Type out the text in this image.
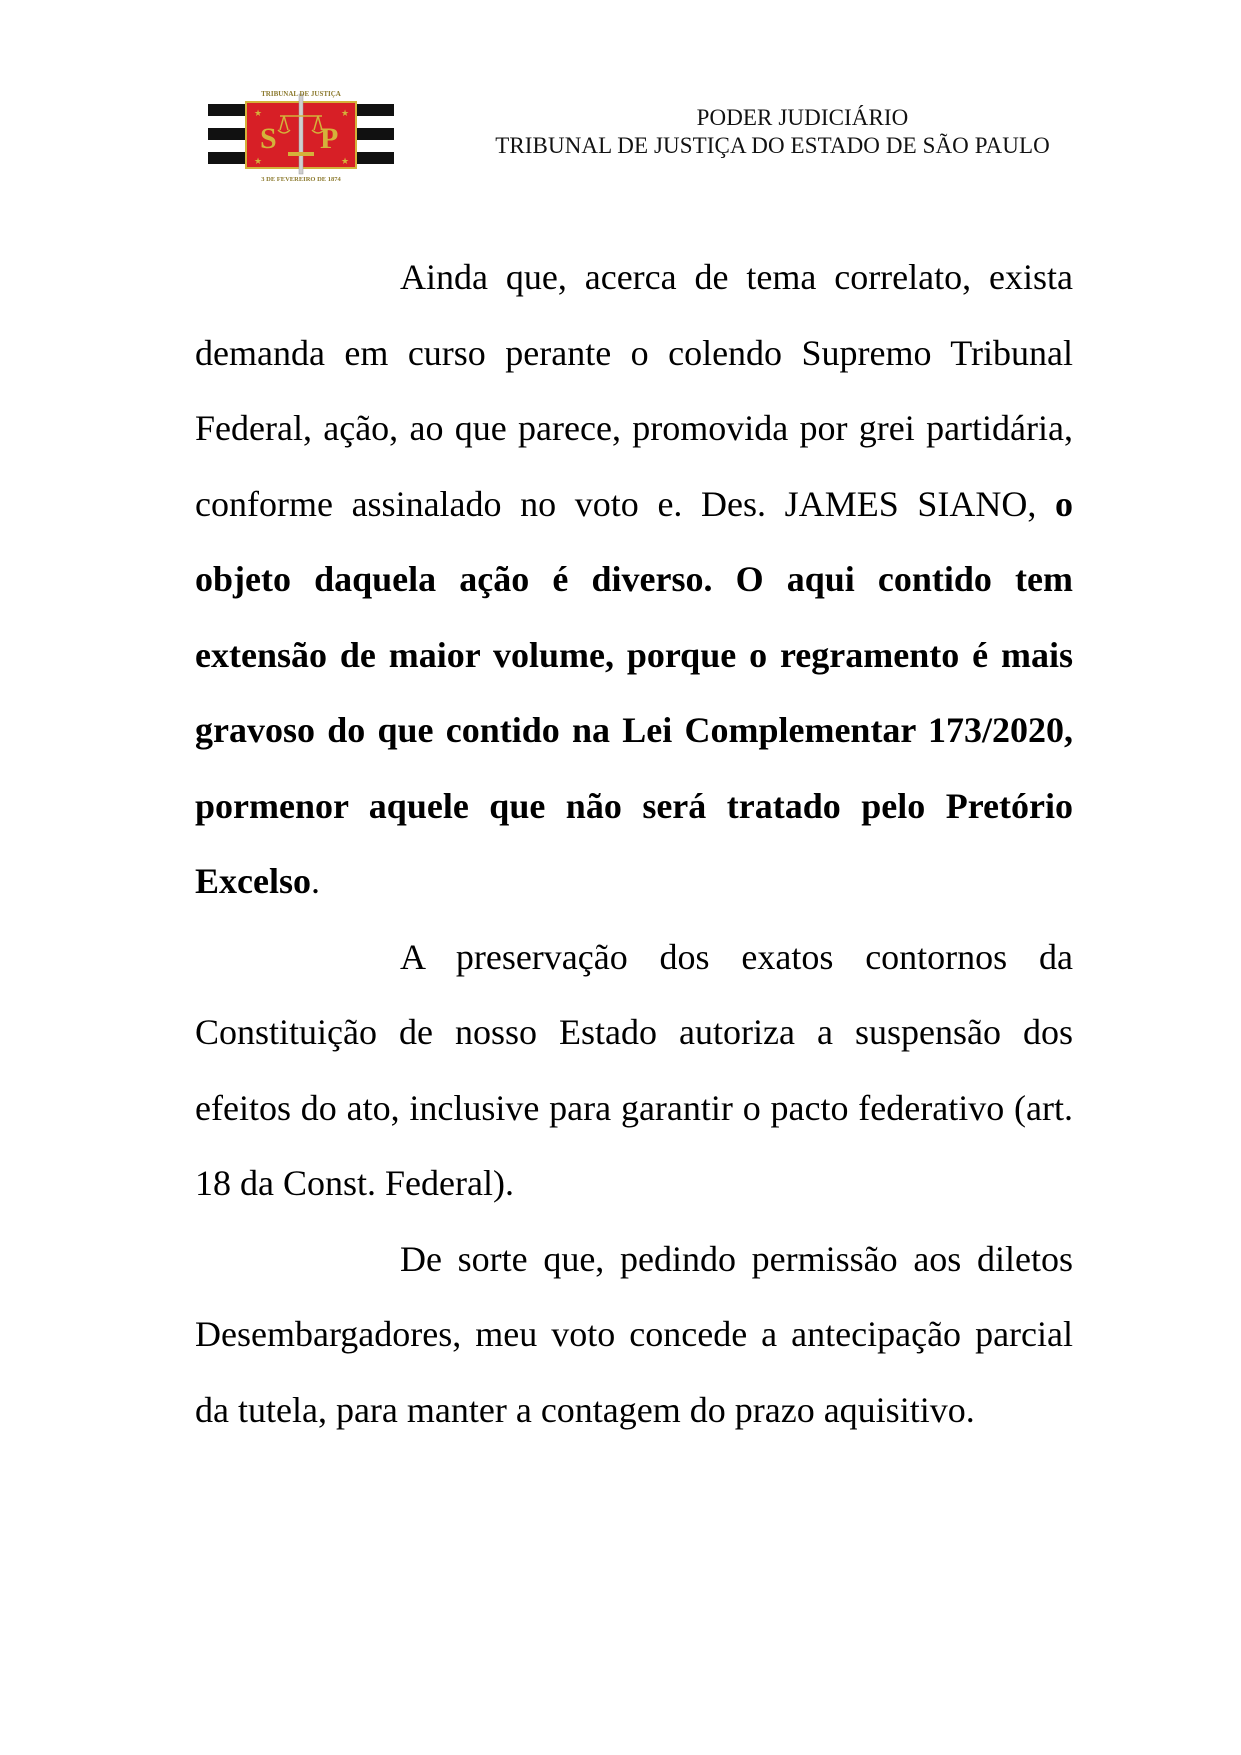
★	★
★	★
S P
TRIBUNAL DE JUSTIÇA
3 DE FEVEREIRO DE 1874
PODER JUDICIÁRIO
TRIBUNAL DE JUSTIÇA DO ESTADO DE SÃO PAULO

Ainda que, acerca de tema correlato, exista demanda em curso perante o colendo Supremo Tribunal Federal, ação, ao que parece, promovida por grei partidária, conforme assinalado no voto e. Des. JAMES SIANO, o objeto daquela ação é diverso. O aqui contido tem extensão de maior volume, porque o regramento é mais gravoso do que contido na Lei Complementar 173/2020, pormenor aquele que não será tratado pelo Pretório Excelso.

A preservação dos exatos contornos da Constituição de nosso Estado autoriza a suspensão dos efeitos do ato, inclusive para garantir o pacto federativo (art. 18 da Const. Federal).

De sorte que, pedindo permissão aos diletos Desembargadores, meu voto concede a antecipação parcial da tutela, para manter a contagem do prazo aquisitivo.
